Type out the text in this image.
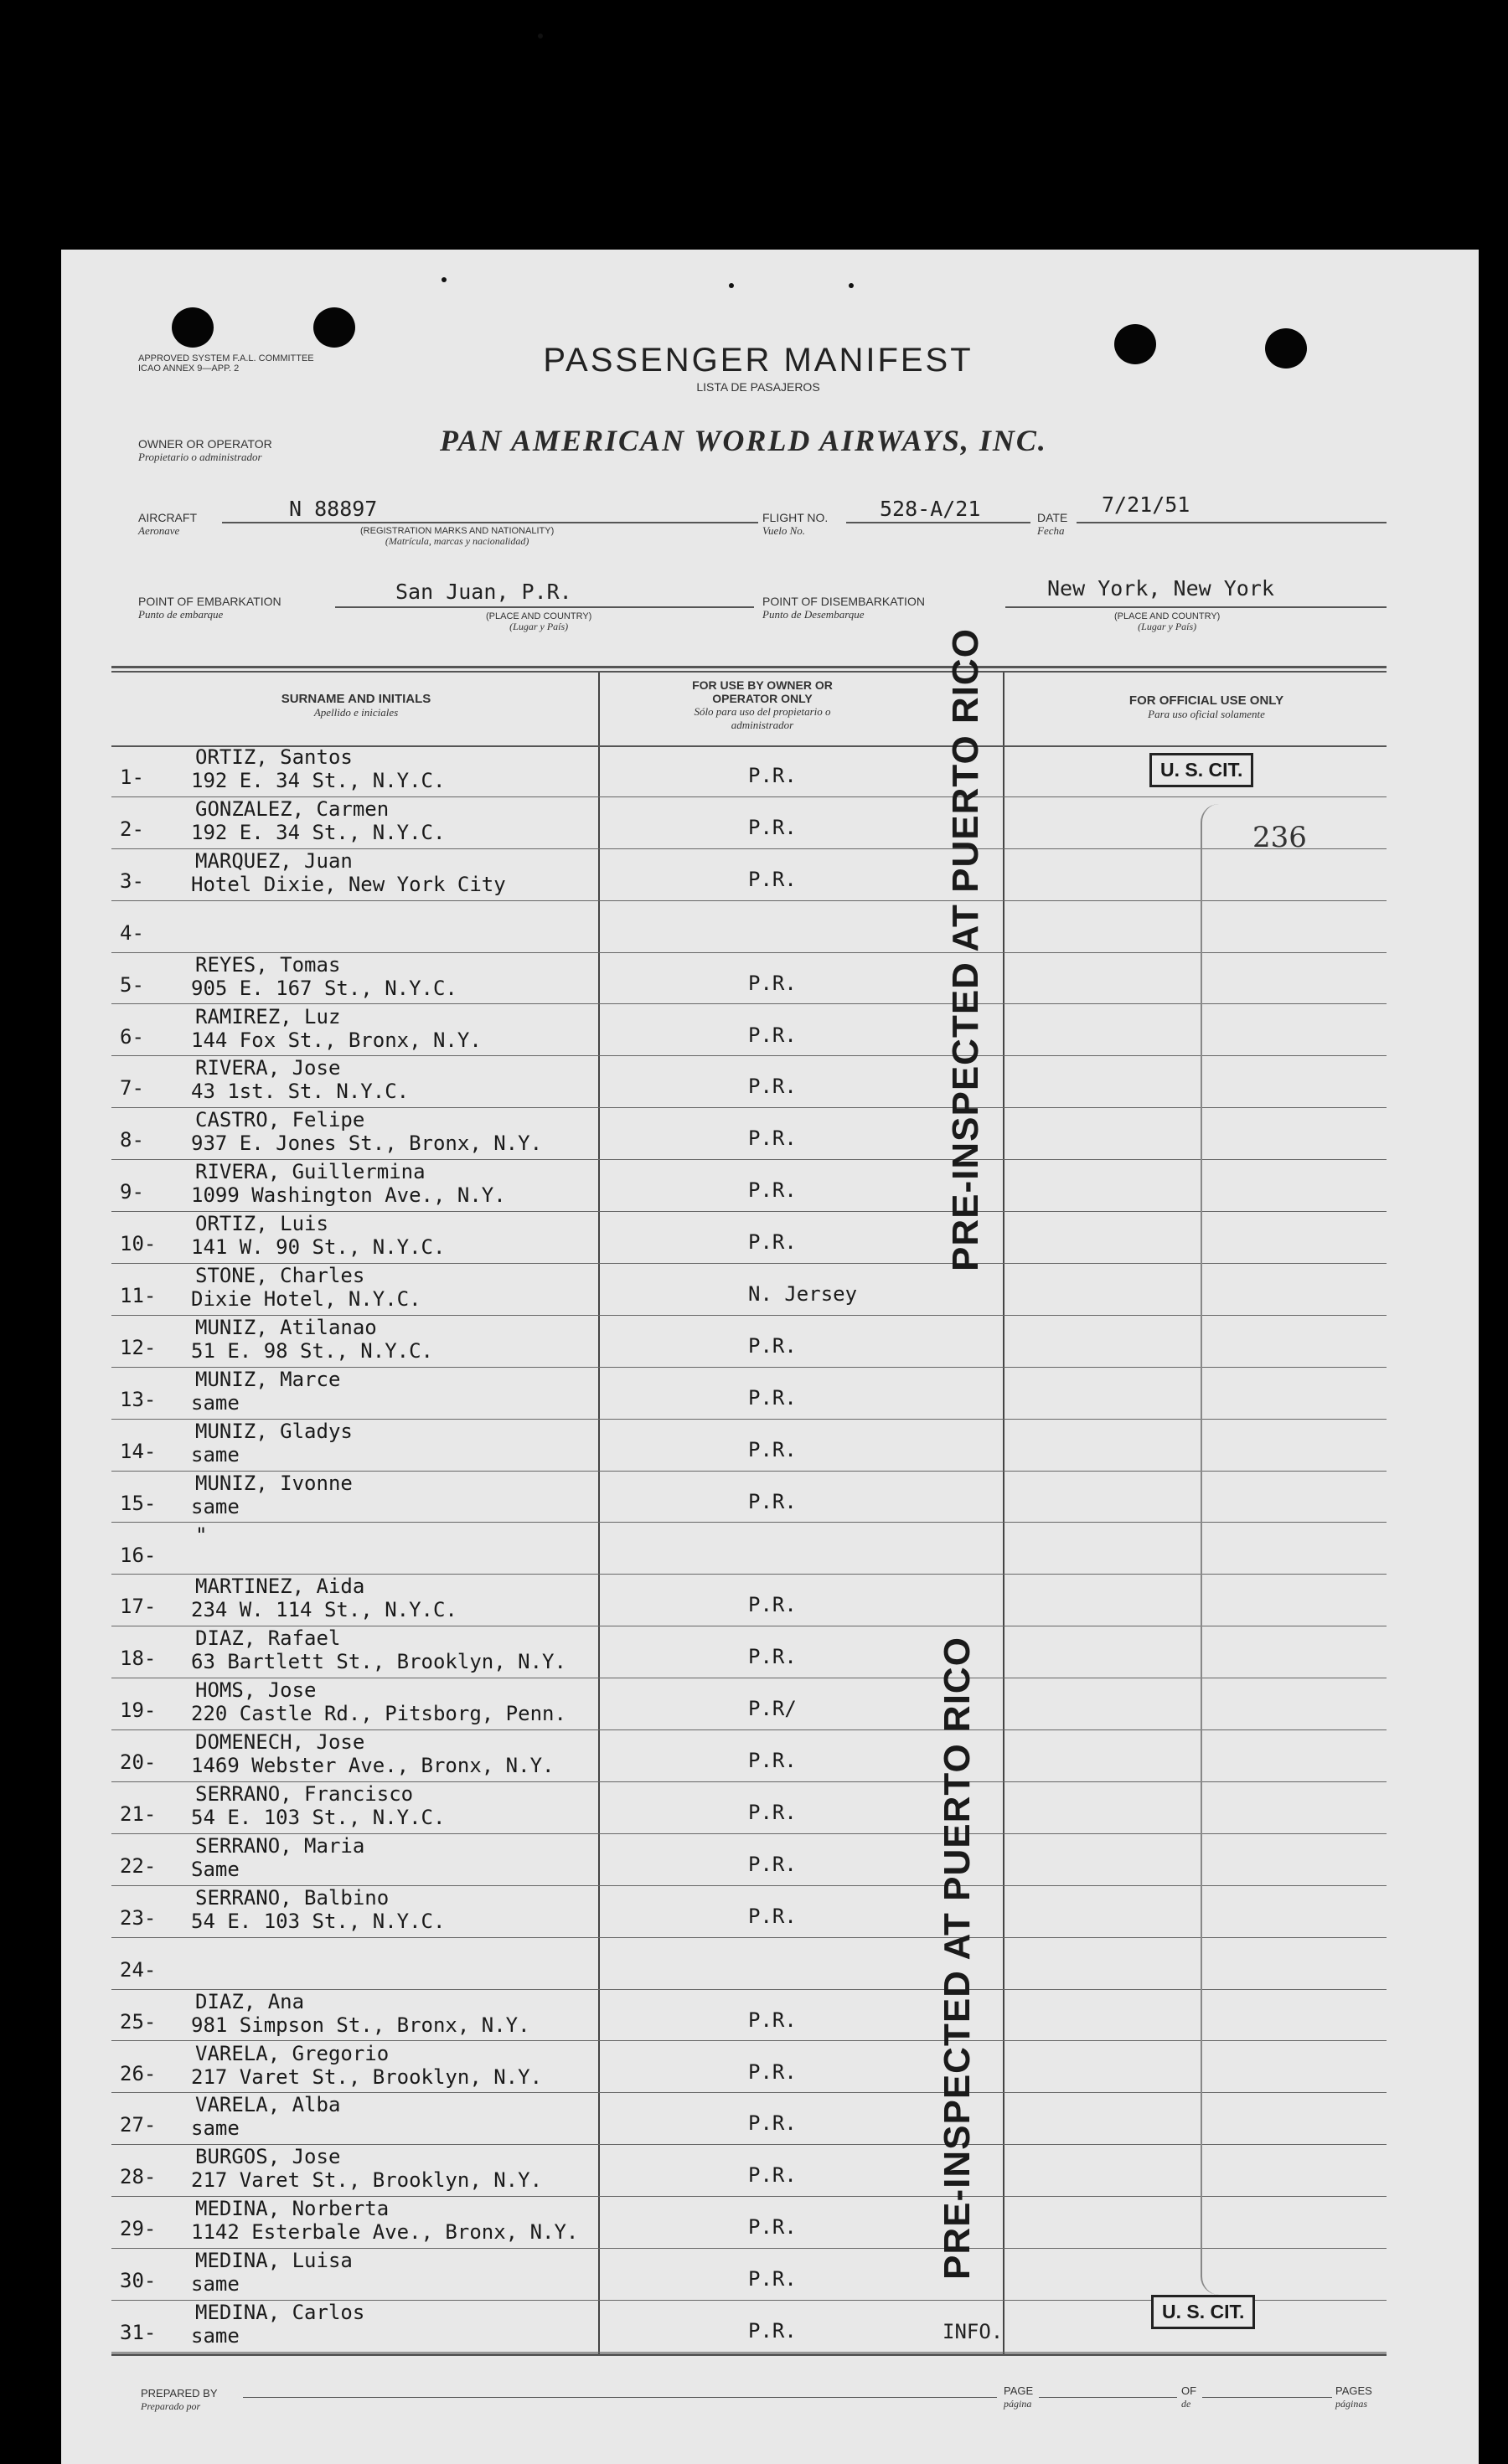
APPROVED SYSTEM F.A.L. COMMITTEE
ICAO ANNEX 9—APP. 2	PASSENGER MANIFEST
LISTA DE PASAJEROS
OWNER OR OPERATOR
Propietario o administrador	PAN AMERICAN WORLD AIRWAYS, INC.
AIRCRAFT
Aeronave
N 88897
(REGISTRATION MARKS AND NATIONALITY)
(Matrícula, marcas y nacionalidad)
FLIGHT NO.
Vuelo No.
528-A/21	DATE
Fecha
7/21/51
POINT OF EMBARKATION
Punto de embarque
San Juan, P.R.
(PLACE AND COUNTRY)
(Lugar y País)
POINT OF DISEMBARKATION
Punto de Desembarque
New York, New York
(PLACE AND COUNTRY)
(Lugar y País)
SURNAME AND INITIALS
Apellido e iniciales
FOR USE BY OWNER OR OPERATOR ONLY
Sólo para uso del propietario o administrador
FOR OFFICIAL USE ONLY
Para uso oficial solamente
1-
ORTIZ, Santos
192 E. 34 St., N.Y.C.	P.R.
2-
GONZALEZ, Carmen
192 E. 34 St., N.Y.C.	P.R.
3-
MARQUEZ, Juan
Hotel Dixie, New York City	P.R.
4-
5-
REYES, Tomas
905 E. 167 St., N.Y.C.	P.R.
6-
RAMIREZ, Luz
144 Fox St., Bronx, N.Y.	P.R.
7-
RIVERA, Jose
43 1st. St. N.Y.C.	P.R.
8-
CASTRO, Felipe
937 E. Jones St., Bronx, N.Y.	P.R.
9-
RIVERA, Guillermina
1099 Washington Ave., N.Y.	P.R.
10-
ORTIZ, Luis
141 W. 90 St., N.Y.C.	P.R.
11-
STONE, Charles
Dixie Hotel, N.Y.C.	N. Jersey
12-
MUNIZ, Atilanao
51 E. 98 St., N.Y.C.	P.R.
13-
MUNIZ, Marce
same	P.R.
14-
MUNIZ, Gladys
same	P.R.
15-
MUNIZ, Ivonne
same	P.R.
16-
"
17-
MARTINEZ, Aida
234 W. 114 St., N.Y.C.	P.R.
18-
DIAZ, Rafael
63 Bartlett St., Brooklyn, N.Y.	P.R.
19-
HOMS, Jose
220 Castle Rd., Pitsborg, Penn.	P.R/
20-
DOMENECH, Jose
1469 Webster Ave., Bronx, N.Y.	P.R.
21-
SERRANO, Francisco
54 E. 103 St., N.Y.C.	P.R.
22-
SERRANO, Maria
Same	P.R.
23-
SERRANO, Balbino
54 E. 103 St., N.Y.C.	P.R.
24-
25-
DIAZ, Ana
981 Simpson St., Bronx, N.Y.	P.R.
26-
VARELA, Gregorio
217 Varet St., Brooklyn, N.Y.	P.R.
27-
VARELA, Alba
same	P.R.
28-
BURGOS, Jose
217 Varet St., Brooklyn, N.Y.	P.R.
29-
MEDINA, Norberta
1142 Esterbale Ave., Bronx, N.Y.	P.R.
30-
MEDINA, Luisa
same	P.R.
31-
MEDINA, Carlos
same	P.R.
PRE-INSPECTED AT PUERTO RICO
PRE-INSPECTED AT PUERTO RICO
U. S. CIT.
U. S. CIT.
236
INFO.
PREPARED BY
Preparado por
PAGE
página
OF
de
PAGES
páginas
